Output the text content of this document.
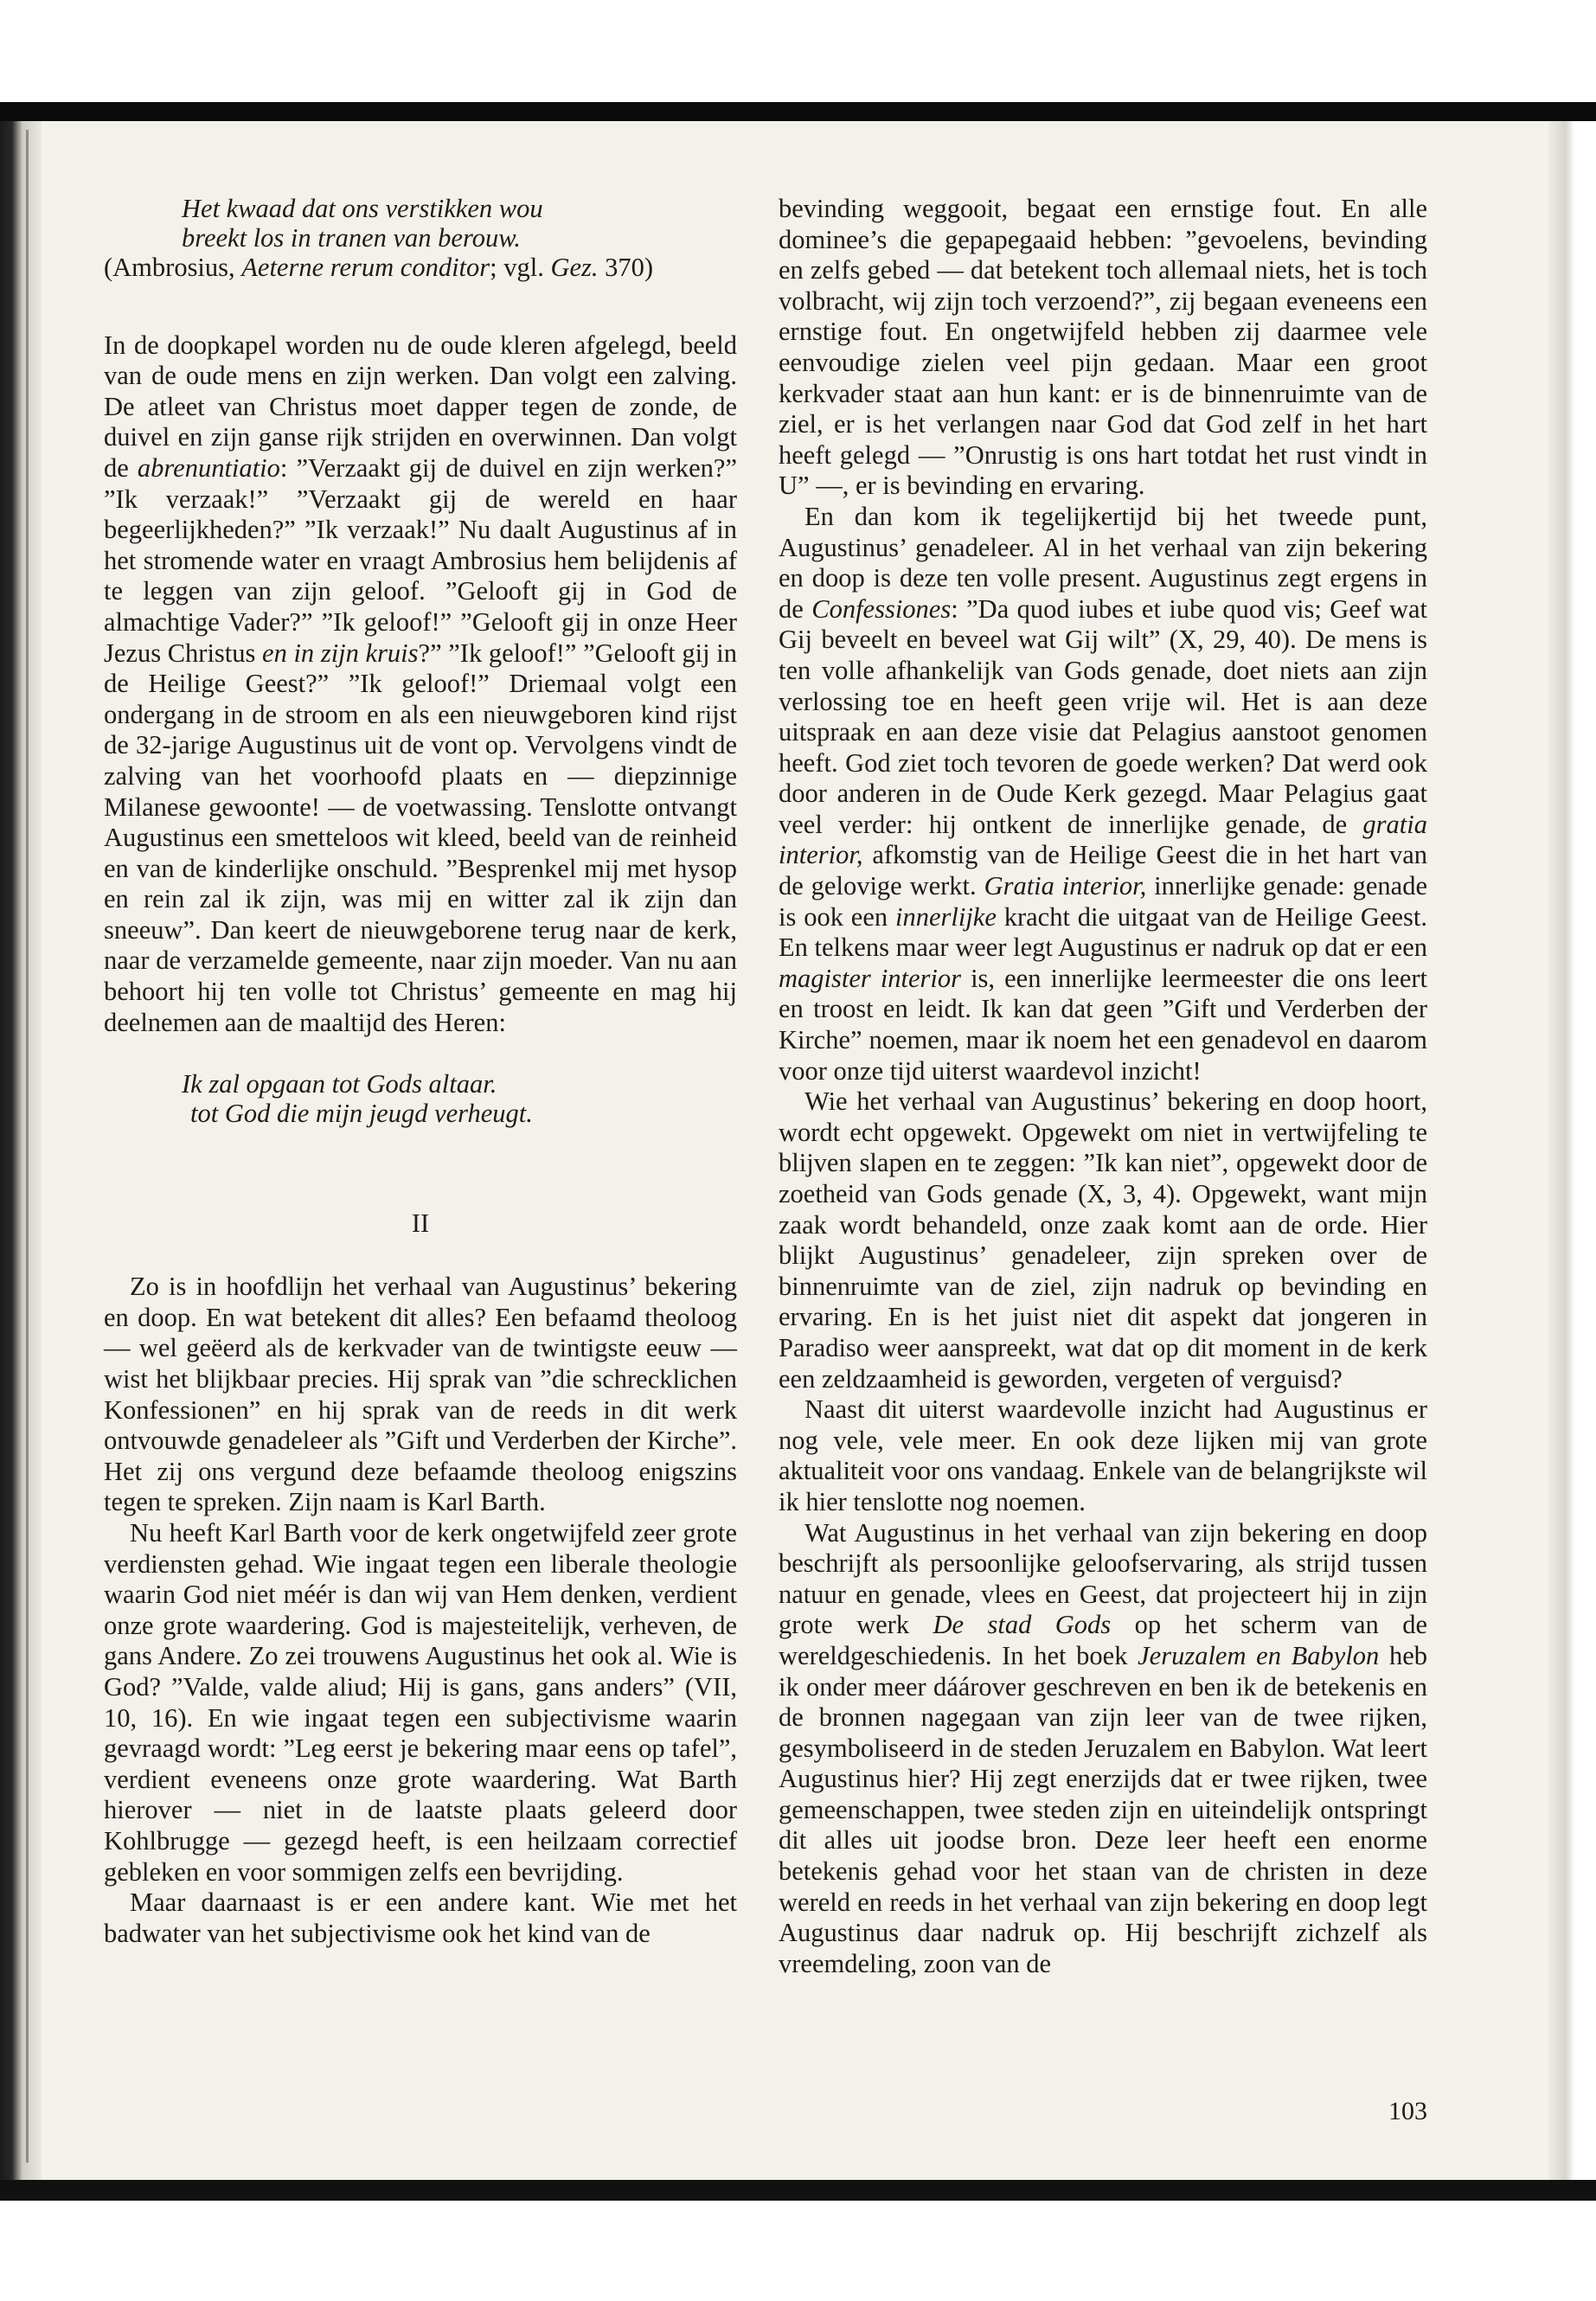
Het kwaad dat ons verstikken wou
breekt los in tranen van berouw.

(Ambrosius, Aeterne rerum conditor; vgl. Gez. 370)

In de doopkapel worden nu de oude kleren afgelegd, beeld van de oude mens en zijn werken. Dan volgt een zalving. De atleet van Christus moet dapper tegen de zonde, de duivel en zijn ganse rijk strijden en overwinnen. Dan volgt de abrenuntiatio: ”Verzaakt gij de duivel en zijn werken?” ”Ik verzaak!” ”Verzaakt gij de wereld en haar begeerlijkheden?” ”Ik verzaak!” Nu daalt Augustinus af in het stromende water en vraagt Ambrosius hem belijdenis af te leggen van zijn geloof. ”Gelooft gij in God de almachtige Vader?” ”Ik geloof!” ”Gelooft gij in onze Heer Jezus Christus en in zijn kruis?” ”Ik geloof!” ”Gelooft gij in de Heilige Geest?” ”Ik geloof!” Driemaal volgt een ondergang in de stroom en als een nieuwgeboren kind rijst de 32-jarige Augustinus uit de vont op. Vervolgens vindt de zalving van het voorhoofd plaats en — diepzinnige Milanese gewoonte! — de voetwassing. Tenslotte ontvangt Augustinus een smetteloos wit kleed, beeld van de reinheid en van de kinderlijke onschuld. ”Besprenkel mij met hysop en rein zal ik zijn, was mij en witter zal ik zijn dan sneeuw”. Dan keert de nieuwgeborene terug naar de kerk, naar de verzamelde gemeente, naar zijn moeder. Van nu aan behoort hij ten volle tot Christus’ gemeente en mag hij deelnemen aan de maaltijd des Heren:

Ik zal opgaan tot Gods altaar.
tot God die mijn jeugd verheugt.

II

Zo is in hoofdlijn het verhaal van Augustinus’ bekering en doop. En wat betekent dit alles? Een befaamd theoloog — wel geëerd als de kerkvader van de twintigste eeuw — wist het blijkbaar precies. Hij sprak van ”die schrecklichen Konfessionen” en hij sprak van de reeds in dit werk ontvouwde genadeleer als ”Gift und Verderben der Kirche”. Het zij ons vergund deze befaamde theoloog enigszins tegen te spreken. Zijn naam is Karl Barth.

Nu heeft Karl Barth voor de kerk ongetwijfeld zeer grote verdiensten gehad. Wie ingaat tegen een liberale theologie waarin God niet méér is dan wij van Hem denken, verdient onze grote waardering. God is majesteitelijk, verheven, de gans Andere. Zo zei trouwens Augustinus het ook al. Wie is God? ”Valde, valde aliud; Hij is gans, gans anders” (VII, 10, 16). En wie ingaat tegen een subjectivisme waarin gevraagd wordt: ”Leg eerst je bekering maar eens op tafel”, verdient eveneens onze grote waardering. Wat Barth hierover — niet in de laatste plaats geleerd door Kohlbrugge — gezegd heeft, is een heilzaam correctief gebleken en voor sommigen zelfs een bevrijding.

Maar daarnaast is er een andere kant. Wie met het badwater van het subjectivisme ook het kind van de

bevinding weggooit, begaat een ernstige fout. En alle dominee’s die gepapegaaid hebben: ”gevoelens, bevinding en zelfs gebed — dat betekent toch allemaal niets, het is toch volbracht, wij zijn toch verzoend?”, zij begaan eveneens een ernstige fout. En ongetwijfeld hebben zij daarmee vele eenvoudige zielen veel pijn gedaan. Maar een groot kerkvader staat aan hun kant: er is de binnenruimte van de ziel, er is het verlangen naar God dat God zelf in het hart heeft gelegd — ”Onrustig is ons hart totdat het rust vindt in U” —, er is bevinding en ervaring.

En dan kom ik tegelijkertijd bij het tweede punt, Augustinus’ genadeleer. Al in het verhaal van zijn bekering en doop is deze ten volle present. Augustinus zegt ergens in de Confessiones: ”Da quod iubes et iube quod vis; Geef wat Gij beveelt en beveel wat Gij wilt” (X, 29, 40). De mens is ten volle afhankelijk van Gods genade, doet niets aan zijn verlossing toe en heeft geen vrije wil. Het is aan deze uitspraak en aan deze visie dat Pelagius aanstoot genomen heeft. God ziet toch tevoren de goede werken? Dat werd ook door anderen in de Oude Kerk gezegd. Maar Pelagius gaat veel verder: hij ontkent de innerlijke genade, de gratia interior, afkomstig van de Heilige Geest die in het hart van de gelovige werkt. Gratia interior, innerlijke genade: genade is ook een innerlijke kracht die uitgaat van de Heilige Geest. En telkens maar weer legt Augustinus er nadruk op dat er een magister interior is, een innerlijke leermeester die ons leert en troost en leidt. Ik kan dat geen ”Gift und Verderben der Kirche” noemen, maar ik noem het een genadevol en daarom voor onze tijd uiterst waardevol inzicht!

Wie het verhaal van Augustinus’ bekering en doop hoort, wordt echt opgewekt. Opgewekt om niet in vertwijfeling te blijven slapen en te zeggen: ”Ik kan niet”, opgewekt door de zoetheid van Gods genade (X, 3, 4). Opgewekt, want mijn zaak wordt behandeld, onze zaak komt aan de orde. Hier blijkt Augustinus’ genadeleer, zijn spreken over de binnenruimte van de ziel, zijn nadruk op bevinding en ervaring. En is het juist niet dit aspekt dat jongeren in Paradiso weer aanspreekt, wat dat op dit moment in de kerk een zeldzaamheid is geworden, vergeten of verguisd?

Naast dit uiterst waardevolle inzicht had Augustinus er nog vele, vele meer. En ook deze lijken mij van grote aktualiteit voor ons vandaag. Enkele van de belangrijkste wil ik hier tenslotte nog noemen.

Wat Augustinus in het verhaal van zijn bekering en doop beschrijft als persoonlijke geloofservaring, als strijd tussen natuur en genade, vlees en Geest, dat projecteert hij in zijn grote werk De stad Gods op het scherm van de wereldgeschiedenis. In het boek Jeruzalem en Babylon heb ik onder meer dáárover geschreven en ben ik de betekenis en de bronnen nagegaan van zijn leer van de twee rijken, gesymboliseerd in de steden Jeruzalem en Babylon. Wat leert Augustinus hier? Hij zegt enerzijds dat er twee rijken, twee gemeenschappen, twee steden zijn en uiteindelijk ontspringt dit alles uit joodse bron. Deze leer heeft een enorme betekenis gehad voor het staan van de christen in deze wereld en reeds in het verhaal van zijn bekering en doop legt Augustinus daar nadruk op. Hij beschrijft zichzelf als vreemdeling, zoon van de

103
